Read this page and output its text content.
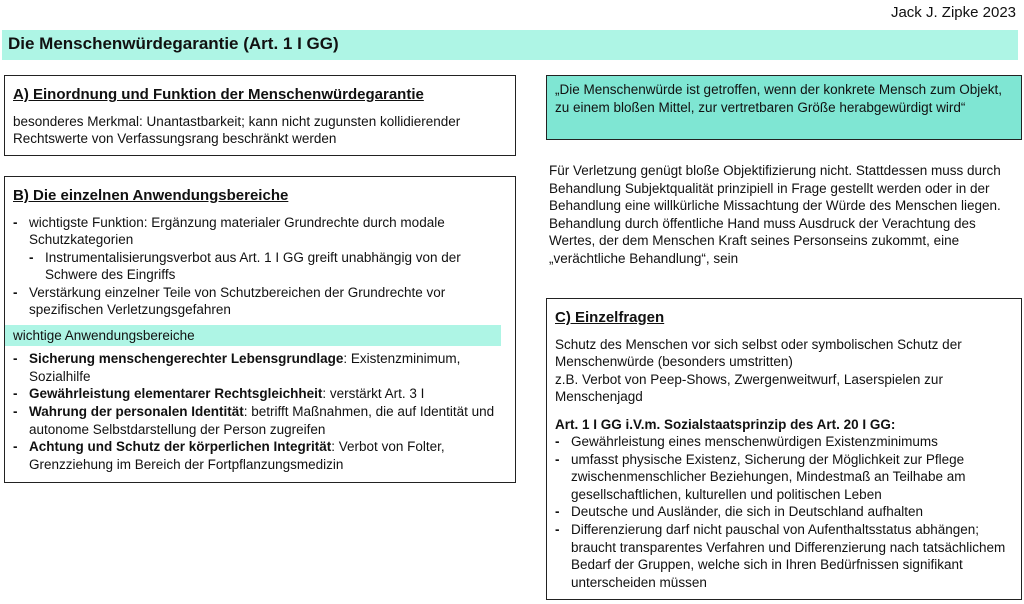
Jack J. Zipke 2023
Die Menschenwürdegarantie (Art. 1 I GG)
A) Einordnung und Funktion der Menschenwürdegarantie

besonderes Merkmal: Unantastbarkeit; kann nicht zugunsten kollidierender Rechtswerte von Verfassungsrang beschränkt werden

B) Die einzelnen Anwendungsbereiche
- wichtigste Funktion: Ergänzung materialer Grundrechte durch modale Schutzkategorien
- Instrumentalisierungsverbot aus Art. 1 I GG greift unabhängig von der Schwere des Eingriffs
- Verstärkung einzelner Teile von Schutzbereichen der Grundrechte vor spezifischen Verletzungsgefahren
wichtige Anwendungsbereiche
- Sicherung menschengerechter Lebensgrundlage: Existenzminimum, Sozialhilfe
- Gewährleistung elementarer Rechtsgleichheit: verstärkt Art. 3 I
- Wahrung der personalen Identität: betrifft Maßnahmen, die auf Identität und autonome Selbstdarstellung der Person zugreifen
- Achtung und Schutz der körperlichen Integrität: Verbot von Folter, Grenzziehung im Bereich der Fortpflanzungsmedizin
„Die Menschenwürde ist getroffen, wenn der konkrete Mensch zum Objekt, zu einem bloßen Mittel, zur vertretbaren Größe herabgewürdigt wird“

Für Verletzung genügt bloße Objektifizierung nicht. Stattdessen muss durch Behandlung Subjektqualität prinzipiell in Frage gestellt werden oder in der Behandlung eine willkürliche Missachtung der Würde des Menschen liegen.

Behandlung durch öffentliche Hand muss Ausdruck der Verachtung des Wertes, der dem Menschen Kraft seines Personseins zukommt, eine „verächtliche Behandlung“, sein

C) Einzelfragen

Schutz des Menschen vor sich selbst oder symbolischen Schutz der Menschenwürde (besonders umstritten)

z.B. Verbot von Peep-Shows, Zwergenweitwurf, Laserspielen zur Menschenjagd

Art. 1 I GG i.V.m. Sozialstaatsprinzip des Art. 20 I GG:
- Gewährleistung eines menschenwürdigen Existenzminimums
- umfasst physische Existenz, Sicherung der Möglichkeit zur Pflege zwischenmenschlicher Beziehungen, Mindestmaß an Teilhabe am gesellschaftlichen, kulturellen und politischen Leben
- Deutsche und Ausländer, die sich in Deutschland aufhalten
- Differenzierung darf nicht pauschal von Aufenthaltsstatus abhängen; braucht transparentes Verfahren und Differenzierung nach tatsächlichem Bedarf der Gruppen, welche sich in Ihren Bedürfnissen signifikant unterscheiden müssen
